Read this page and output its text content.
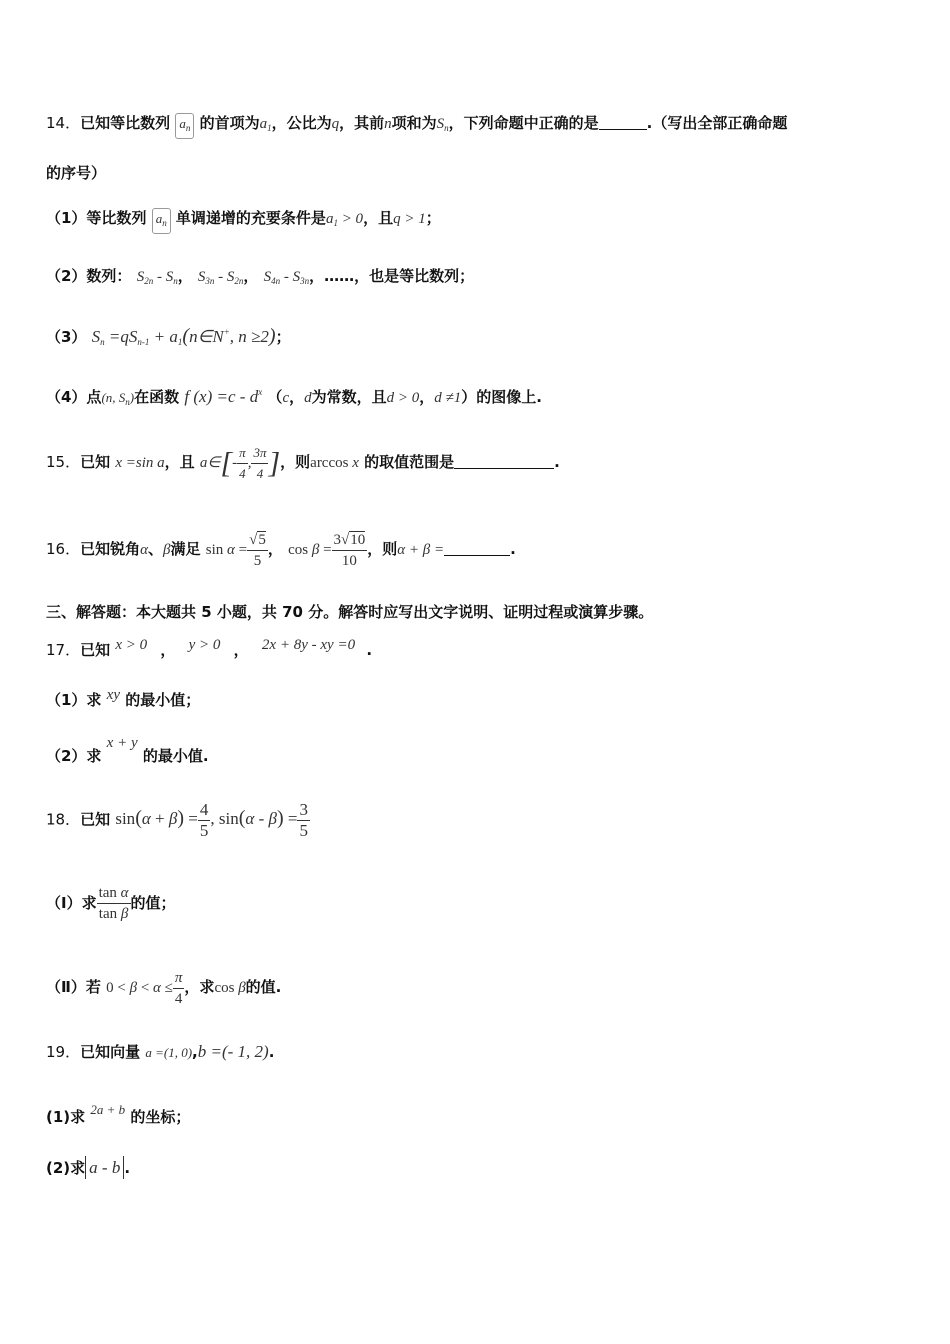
14．已知等比数列 $a_n$ 的首项为$a_1$，公比为q，其前n项和为$S_n$，下列命题中正确的是	.（写出全部正确命题
的序号）
（1）等比数列 $a_n$ 单调递增的充要条件是$a_1 > 0$，且q > 1；
（2）数列： $S_{2n} - S_n$， $S_{3n} - S_{2n}$， $S_{4n} - S_{3n}$，……，也是等比数列；
（3） $S_n =qS_{n-1}$ + $a_1(n\in N^+$, n ≥2)；
（4）点(n, $S_n$)在函数 f $(x) =c - d^x$ （c，d为常数，且d > 0，d ≠1）的图像上.
15．已知 x =sin a，且 a∈[- $\frac{\pi}{4}$ , $\frac{3\pi}{4}$ ]，则arccos x 的取值范围是	.
16．已知锐角α、β满足 $\sin \alpha = \frac{√5}{5}$ ， $\cos \beta = \frac{3√10}{10}$ ，则α + β =	.
三、解答题：本大题共 5 小题，共 70 分。解答时应写出文字说明、证明过程或演算步骤。
17．已知 x > 0 ， y > 0 ， 2x + 8y - xy =0 .
（1）求 xy 的最小值；
（2）求 x + y 的最小值.
18．已知 $\sin(\alpha + \beta) = \frac{4}{5}$ , $\sin(\alpha - \beta) = \frac{3}{5}$
（Ⅰ）求 $\frac{\text{tan α}}{\text{tan β}}$ 的值；
（Ⅱ）若 $0 < \beta < \alpha \le \frac{\pi}{4}$ ，求cos β的值.
19．已知向量 a =(1, 0),b =(- 1, 2).
(1)求 2a + b 的坐标；
(2)求 a - b .
